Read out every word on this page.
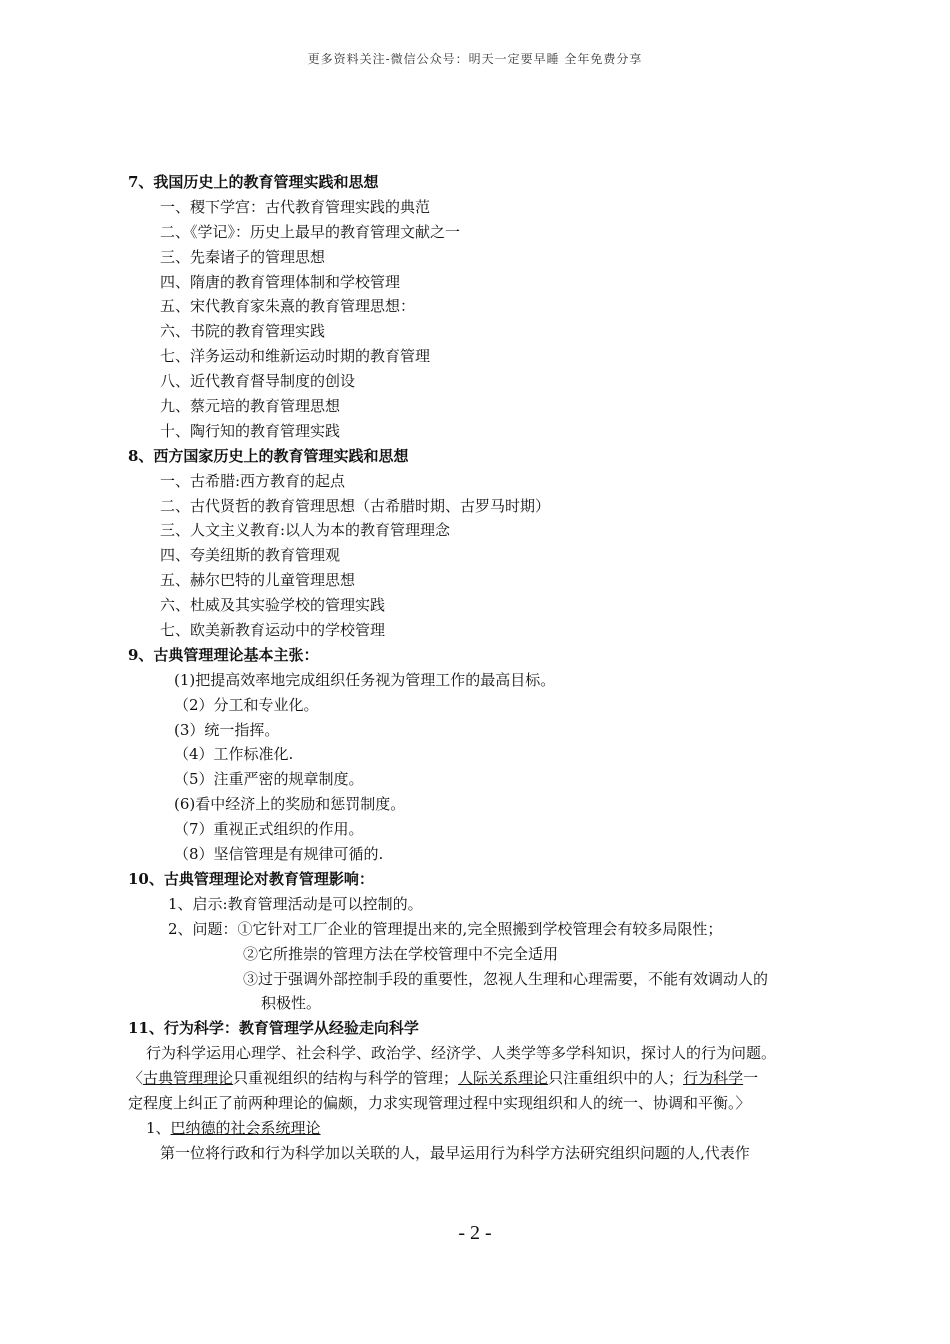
更多资料关注-微信公众号：明天一定要早睡 全年免费分享
7、我国历史上的教育管理实践和思想
一、稷下学宫：古代教育管理实践的典范
二、《学记》：历史上最早的教育管理文献之一
三、先秦诸子的管理思想
四、隋唐的教育管理体制和学校管理
五、宋代教育家朱熹的教育管理思想：
六、书院的教育管理实践
七、洋务运动和维新运动时期的教育管理
八、近代教育督导制度的创设
九、蔡元培的教育管理思想
十、陶行知的教育管理实践
8、西方国家历史上的教育管理实践和思想
一、古希腊:西方教育的起点
二、古代贤哲的教育管理思想（古希腊时期、古罗马时期）
三、人文主义教育:以人为本的教育管理理念
四、夸美纽斯的教育管理观
五、赫尔巴特的儿童管理思想
六、杜威及其实验学校的管理实践
七、欧美新教育运动中的学校管理
9、古典管理理论基本主张：
(1)把提高效率地完成组织任务视为管理工作的最高目标。
（2）分工和专业化。
(3）统一指挥。
（4）工作标准化.
（5）注重严密的规章制度。
(6)看中经济上的奖励和惩罚制度。
（7）重视正式组织的作用。
（8）坚信管理是有规律可循的.
10、古典管理理论对教育管理影响：
1、启示:教育管理活动是可以控制的。
2、问题：①它针对工厂企业的管理提出来的,完全照搬到学校管理会有较多局限性；
②它所推崇的管理方法在学校管理中不完全适用
③过于强调外部控制手段的重要性，忽视人生理和心理需要，不能有效调动人的
积极性。
11、行为科学：教育管理学从经验走向科学
行为科学运用心理学、社会科学、政治学、经济学、人类学等多学科知识，探讨人的行为问题。
〈古典管理理论只重视组织的结构与科学的管理；人际关系理论只注重组织中的人；行为科学一
定程度上纠正了前两种理论的偏颇，力求实现管理过程中实现组织和人的统一、协调和平衡。〉
1、巴纳德的社会系统理论
第一位将行政和行为科学加以关联的人，最早运用行为科学方法研究组织问题的人,代表作
- 2 -
